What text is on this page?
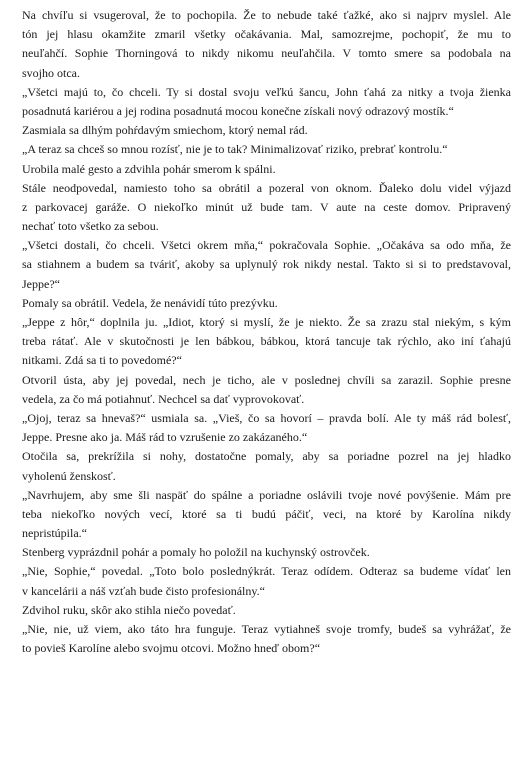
Na chvíľu si vsugeroval, že to pochopila. Že to nebude také ťažké, ako si najprv myslel. Ale
tón jej hlasu okamžite zmaril všetky očakávania. Mal, samozrejme, pochopiť, že mu to
neuľahčí. Sophie Thorningová to nikdy nikomu neuľahčila. V tomto smere sa podobala na
svojho otca.
„Všetci majú to, čo chceli. Ty si dostal svoju veľkú šancu, John ťahá za nitky a tvoja žienka
posadnutá kariérou a jej rodina posadnutá mocou konečne získali nový odrazový mostík.“
Zasmiala sa dlhým pohŕdavým smiechom, ktorý nemal rád.
„A teraz sa chceš so mnou rozísť, nie je to tak? Minimalizovať riziko, prebrať kontrolu.“
Urobila malé gesto a zdvihla pohár smerom k spálni.
Stále neodpovedal, namiesto toho sa obrátil a pozeral von oknom. Ďaleko dolu videl výjazd
z parkovacej garáže. O niekoľko minút už bude tam. V aute na ceste domov. Pripravený
nechať toto všetko za sebou.
„Všetci dostali, čo chceli. Všetci okrem mňa,“ pokračovala Sophie. „Očakáva sa odo mňa, že
sa stiahnem a budem sa tváriť, akoby sa uplynulý rok nikdy nestal. Takto si si to predstavoval,
Jeppe?“
Pomaly sa obrátil. Vedela, že nenávidí túto prezývku.
„Jeppe z hôr,“ doplnila ju. „Idiot, ktorý si myslí, že je niekto. Že sa zrazu stal niekým, s kým
treba rátať. Ale v skutočnosti je len bábkou, bábkou, ktorá tancuje tak rýchlo, ako iní ťahajú
nitkami. Zdá sa ti to povedomé?“
Otvoril ústa, aby jej povedal, nech je ticho, ale v poslednej chvíli sa zarazil. Sophie presne
vedela, za čo má potiahnuť. Nechcel sa dať vyprovokovať.
„Ojoj, teraz sa hnevaš?“ usmiala sa. „Vieš, čo sa hovorí – pravda bolí. Ale ty máš rád bolesť,
Jeppe. Presne ako ja. Máš rád to vzrušenie zo zakázaného.“
Otočila sa, prekrížila si nohy, dostatočne pomaly, aby sa poriadne pozrel na jej hladko
vyholenú ženskosť.
„Navrhujem, aby sme šli naspäť do spálne a poriadne oslávili tvoje nové povýšenie. Mám pre
teba niekoľko nových vecí, ktoré sa ti budú páčiť, veci, na ktoré by Karolína nikdy
nepristúpila.“
Stenberg vyprázdnil pohár a pomaly ho položil na kuchynský ostrovček.
„Nie, Sophie,“ povedal. „Toto bolo poslednýkrát. Teraz odídem. Odteraz sa budeme vídať len
v kancelárii a náš vzťah bude čisto profesionálny.“
Zdvihol ruku, skôr ako stihla niečo povedať.
„Nie, nie, už viem, ako táto hra funguje. Teraz vytiahneš svoje tromfy, budeš sa vyhrážať, že
to povieš Karolíne alebo svojmu otcovi. Možno hneď obom?“
